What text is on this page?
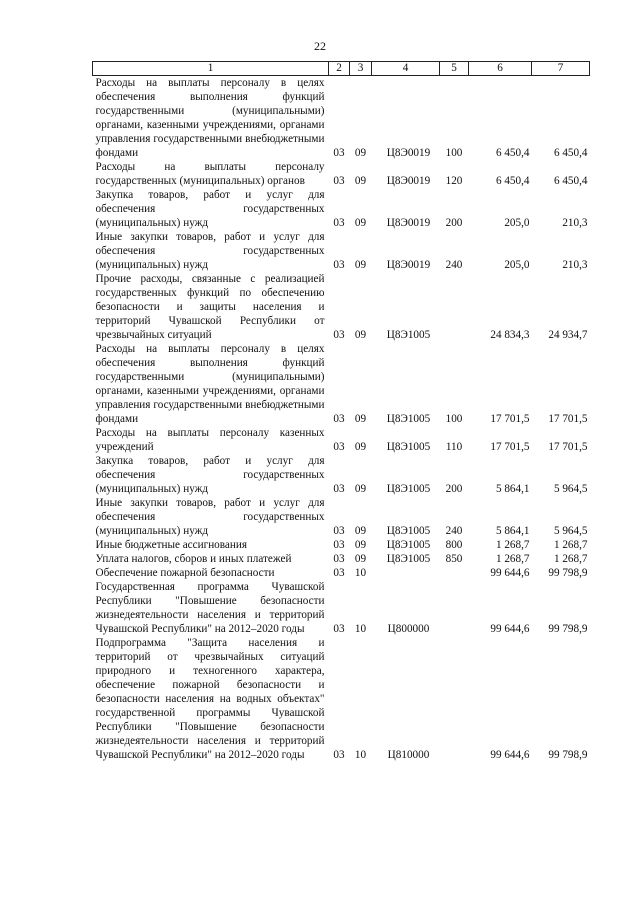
22
1	2	3	4	5	6	7
Расходы на выплаты персоналу в целях обеспечения выполнения функций государственными (муниципальными) органами, казенными учреждениями, органами управления государственными внебюджетными фондами	03	09	Ц8Э0019	100	6 450,4	6 450,4
Расходы на выплаты персоналу государственных (муниципальных) органов	03	09	Ц8Э0019	120	6 450,4	6 450,4
Закупка товаров, работ и услуг для обеспечения государственных (муниципальных) нужд	03	09	Ц8Э0019	200	205,0	210,3
Иные закупки товаров, работ и услуг для обеспечения государственных (муниципальных) нужд	03	09	Ц8Э0019	240	205,0	210,3
Прочие расходы, связанные с реализацией государственных функций по обеспечению безопасности и защиты населения и территорий Чувашской Республики от чрезвычайных ситуаций	03	09	Ц8Э1005		24 834,3	24 934,7
Расходы на выплаты персоналу в целях обеспечения выполнения функций государственными (муниципальными) органами, казенными учреждениями, органами управления государственными внебюджетными фондами	03	09	Ц8Э1005	100	17 701,5	17 701,5
Расходы на выплаты персоналу казенных учреждений	03	09	Ц8Э1005	110	17 701,5	17 701,5
Закупка товаров, работ и услуг для обеспечения государственных (муниципальных) нужд	03	09	Ц8Э1005	200	5 864,1	5 964,5
Иные закупки товаров, работ и услуг для обеспечения государственных (муниципальных) нужд	03	09	Ц8Э1005	240	5 864,1	5 964,5
Иные бюджетные ассигнования	03	09	Ц8Э1005	800	1 268,7	1 268,7
Уплата налогов, сборов и иных платежей	03	09	Ц8Э1005	850	1 268,7	1 268,7
Обеспечение пожарной безопасности	03	10			99 644,6	99 798,9
Государственная программа Чувашской Республики "Повышение безопасности жизнедеятельности населения и территорий Чувашской Республики" на 2012–2020 годы	03	10	Ц800000		99 644,6	99 798,9
Подпрограмма "Защита населения и территорий от чрезвычайных ситуаций природного и техногенного характера, обеспечение пожарной безопасности и безопасности населения на водных объектах" государственной программы Чувашской Республики "Повышение безопасности жизнедеятельности населения и территорий Чувашской Республики" на 2012–2020 годы	03	10	Ц810000		99 644,6	99 798,9
